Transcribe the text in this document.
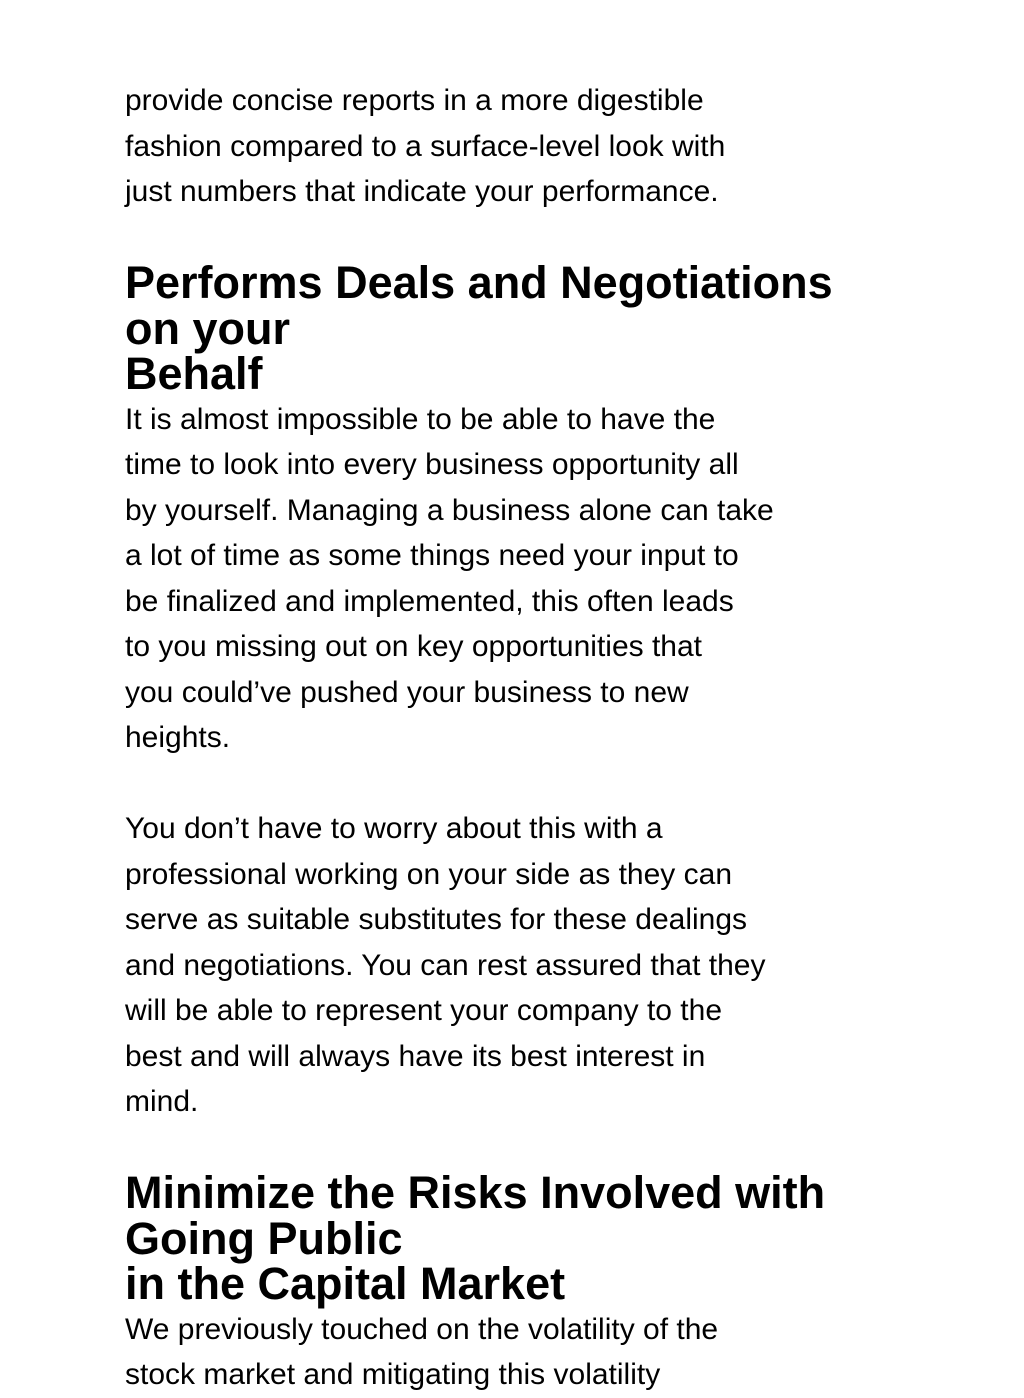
provide concise reports in a more digestible
fashion compared to a surface-level look with
just numbers that indicate your performance.

Performs Deals and Negotiations on your
Behalf

It is almost impossible to be able to have the
time to look into every business opportunity all
by yourself. Managing a business alone can take
a lot of time as some things need your input to
be finalized and implemented, this often leads
to you missing out on key opportunities that
you could’ve pushed your business to new
heights.

You don’t have to worry about this with a
professional working on your side as they can
serve as suitable substitutes for these dealings
and negotiations. You can rest assured that they
will be able to represent your company to the
best and will always have its best interest in
mind.

Minimize the Risks Involved with Going Public
in the Capital Market

We previously touched on the volatility of the
stock market and mitigating this volatility
